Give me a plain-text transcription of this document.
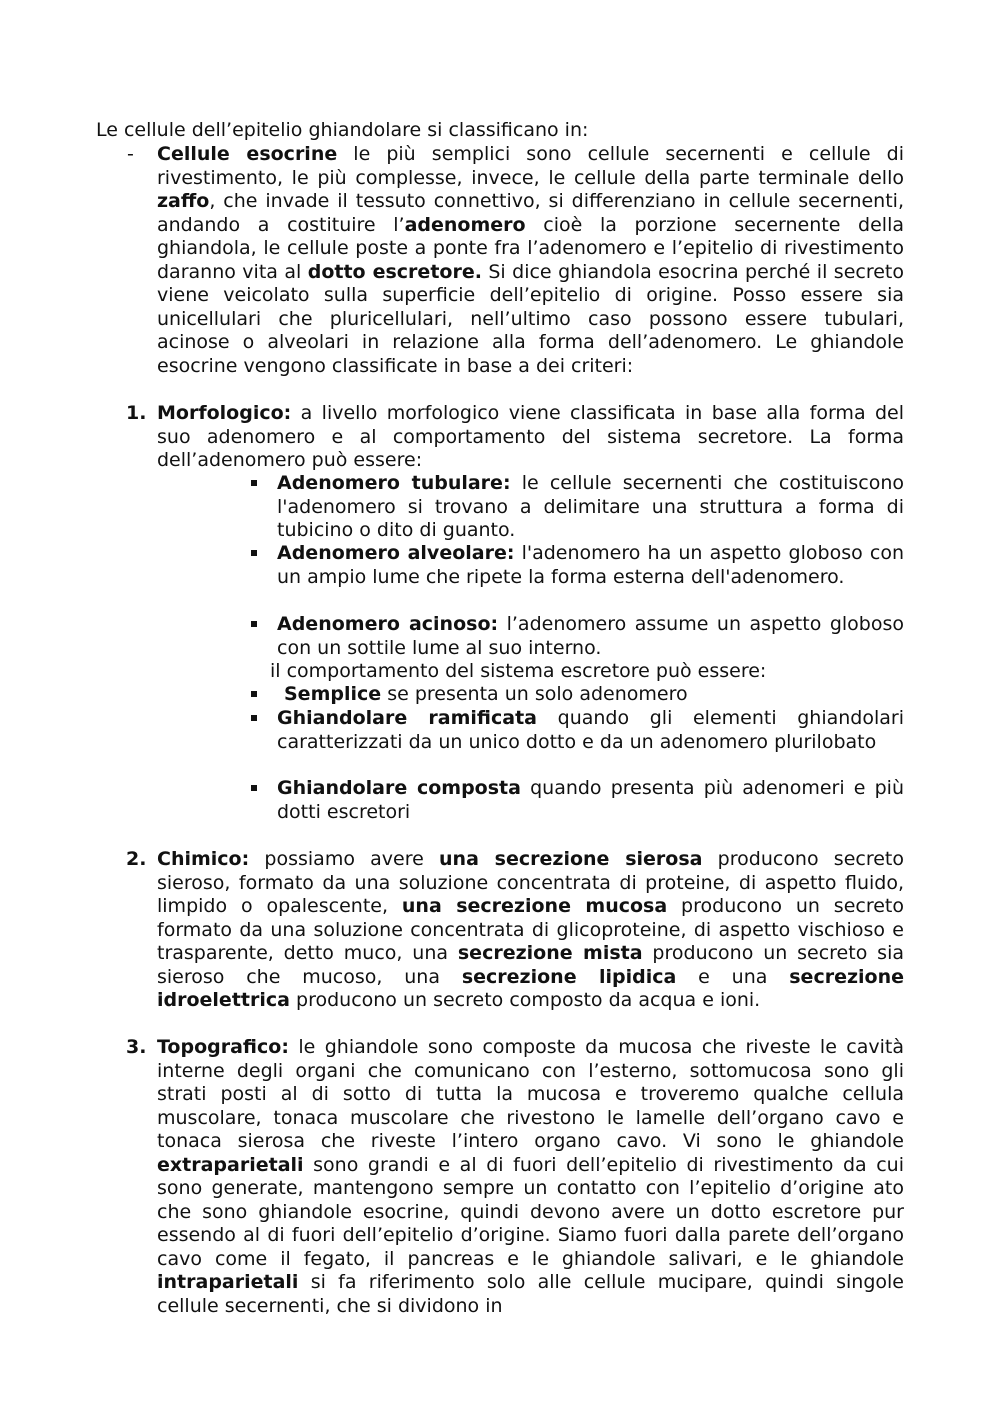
Le cellule dell’epitelio ghiandolare si classificano in:
- Cellule esocrine le più semplici sono cellule secernenti e cellule di rivestimento, le più complesse, invece, le cellule della parte terminale dello zaffo, che invade il tessuto connettivo, si differenziano in cellule secernenti, andando a costituire l’adenomero cioè la porzione secernente della ghiandola, le cellule poste a ponte fra l’adenomero e l’epitelio di rivestimento daranno vita al dotto escretore. Si dice ghiandola esocrina perché il secreto viene veicolato sulla superficie dell’epitelio di origine. Posso essere sia unicellulari che pluricellulari, nell’ultimo caso possono essere tubulari, acinose o alveolari in relazione alla forma dell’adenomero. Le ghiandole esocrine vengono classificate in base a dei criteri:
1. Morfologico: a livello morfologico viene classificata in base alla forma del suo adenomero e al comportamento del sistema secretore. La forma dell’adenomero può essere:
Adenomero tubulare: le cellule secernenti che costituiscono l'adenomero si trovano a delimitare una struttura a forma di tubicino o dito di guanto.
Adenomero alveolare: l'adenomero ha un aspetto globoso con un ampio lume che ripete la forma esterna dell'adenomero.
Adenomero acinoso: l’adenomero assume un aspetto globoso con un sottile lume al suo interno.
il comportamento del sistema escretore può essere:
Semplice se presenta un solo adenomero
Ghiandolare ramificata quando gli elementi ghiandolari caratterizzati da un unico dotto e da un adenomero plurilobato
Ghiandolare composta quando presenta più adenomeri e più dotti escretori
2. Chimico: possiamo avere una secrezione sierosa producono secreto sieroso, formato da una soluzione concentrata di proteine, di aspetto fluido, limpido o opalescente, una secrezione mucosa producono un secreto formato da una soluzione concentrata di glicoproteine, di aspetto vischioso e trasparente, detto muco, una secrezione mista producono un secreto sia sieroso che mucoso, una secrezione lipidica e una secrezione idroelettrica producono un secreto composto da acqua e ioni.
3. Topografico: le ghiandole sono composte da mucosa che riveste le cavità interne degli organi che comunicano con l’esterno, sottomucosa sono gli strati posti al di sotto di tutta la mucosa e troveremo qualche cellula muscolare, tonaca muscolare che rivestono le lamelle dell’organo cavo e tonaca sierosa che riveste l’intero organo cavo. Vi sono le ghiandole extraparietali sono grandi e al di fuori dell’epitelio di rivestimento da cui sono generate, mantengono sempre un contatto con l’epitelio d’origine ato che sono ghiandole esocrine, quindi devono avere un dotto escretore pur essendo al di fuori dell’epitelio d’origine. Siamo fuori dalla parete dell’organo cavo come il fegato, il pancreas e le ghiandole salivari, e le ghiandole intraparietali si fa riferimento solo alle cellule mucipare, quindi singole cellule secernenti, che si dividono in
